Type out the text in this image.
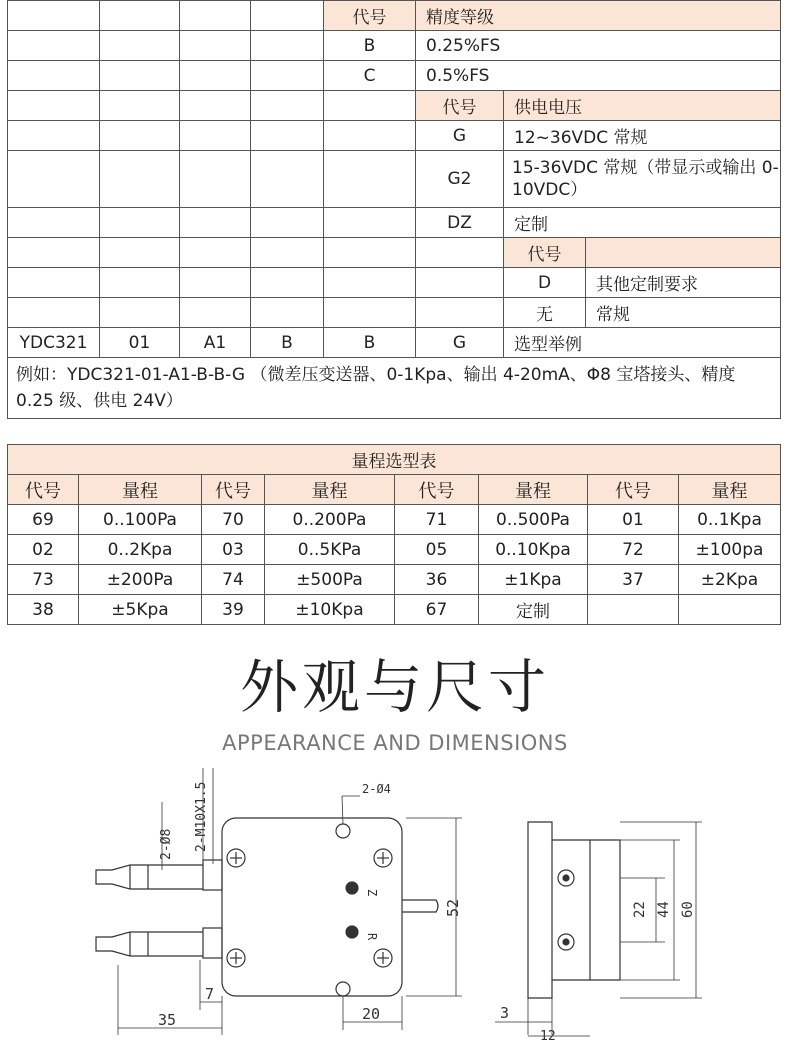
				代号	精度等级		
				B	0.25%FS		
				C	0.5%FS		
					代号	供电电压	
					G	12~36VDC 常规	
					G2	15-36VDC 常规（带显示或输出 0-10VDC）	
					DZ	定制	
						代号	
						D	其他定制要求
						无	常规
YDC321	01	A1	B	B	G	选型举例	
例如：YDC321-01-A1-B-B-G （微差压变送器、0-1Kpa、输出 4-20mA、Φ8 宝塔接头、精度 0.25 级、供电 24V）							
量程选型表							
代号	量程	代号	量程	代号	量程	代号	量程
69	0..100Pa	70	0..200Pa	71	0..500Pa	01	0..1Kpa
02	0..2Kpa	03	0..5KPa	05	0..10Kpa	72	±100pa
73	±200Pa	74	±500Pa	36	±1Kpa	37	±2Kpa
38	±5Kpa	39	±10Kpa	67	定制		
外观与尺寸
APPEARANCE AND DIMENSIONS
Z
R
2-Ø8 2-M10X1.5	2-Ø4
52
7
20
35
22 44 60
3
12
